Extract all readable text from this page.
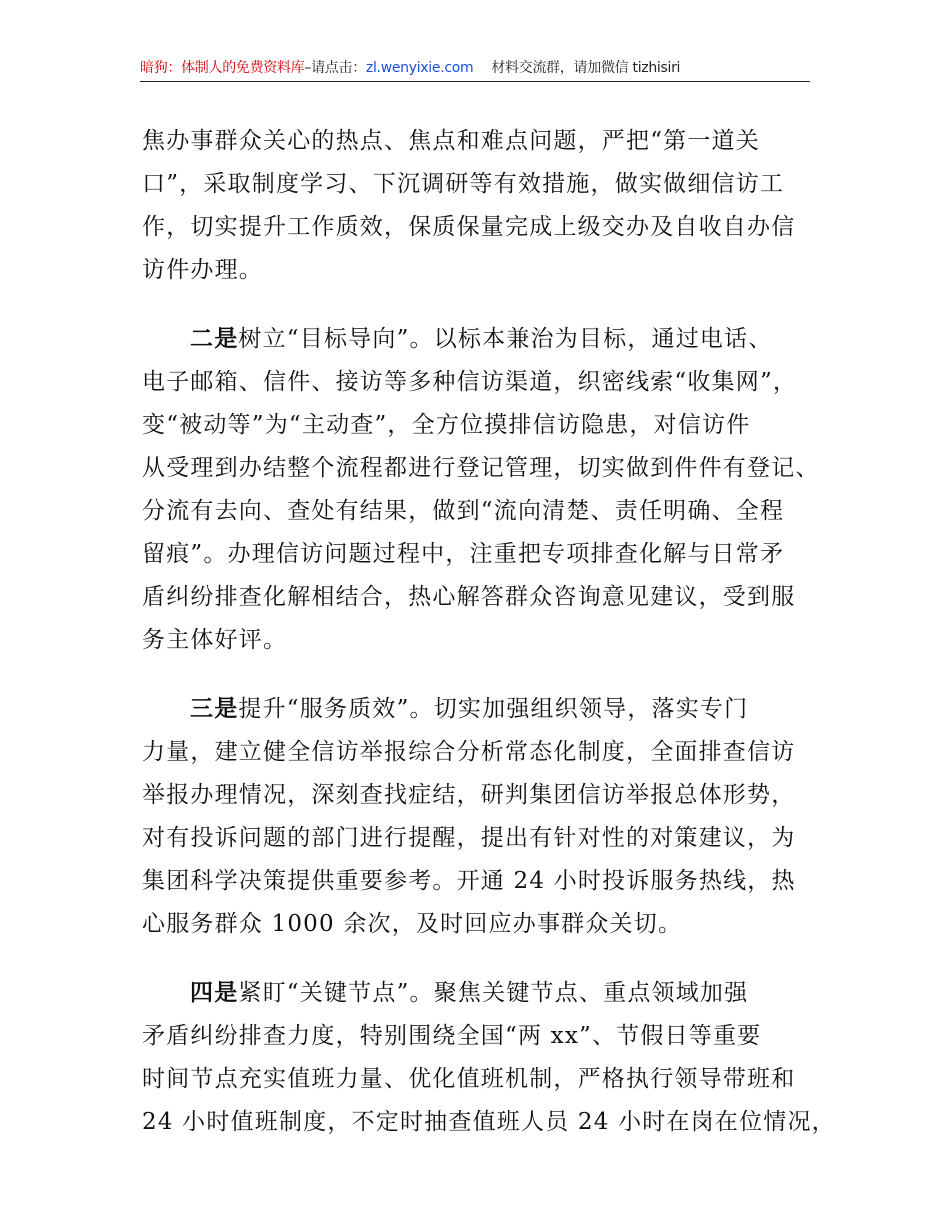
暗狗：体制人的免费资料库–请点击：zl.wenyixie.com 材料交流群，请加微信 tizhisiri
焦办事群众关心的热点、焦点和难点问题，严把“第一道关
口”，采取制度学习、下沉调研等有效措施，做实做细信访工
作，切实提升工作质效，保质保量完成上级交办及自收自办信
访件办理。
二是树立“目标导向”。以标本兼治为目标，通过电话、
电子邮箱、信件、接访等多种信访渠道，织密线索“收集网”，
变“被动等”为“主动查”，全方位摸排信访隐患，对信访件
从受理到办结整个流程都进行登记管理，切实做到件件有登记、
分流有去向、查处有结果，做到“流向清楚、责任明确、全程
留痕”。办理信访问题过程中，注重把专项排查化解与日常矛
盾纠纷排查化解相结合，热心解答群众咨询意见建议，受到服
务主体好评。
三是提升“服务质效”。切实加强组织领导，落实专门
力量，建立健全信访举报综合分析常态化制度，全面排查信访
举报办理情况，深刻查找症结，研判集团信访举报总体形势，
对有投诉问题的部门进行提醒，提出有针对性的对策建议，为
集团科学决策提供重要参考。开通 24 小时投诉服务热线，热
心服务群众 1000 余次，及时回应办事群众关切。
四是紧盯“关键节点”。聚焦关键节点、重点领域加强
矛盾纠纷排查力度，特别围绕全国“两 xx”、节假日等重要
时间节点充实值班力量、优化值班机制，严格执行领导带班和
24 小时值班制度，不定时抽查值班人员 24 小时在岗在位情况，
